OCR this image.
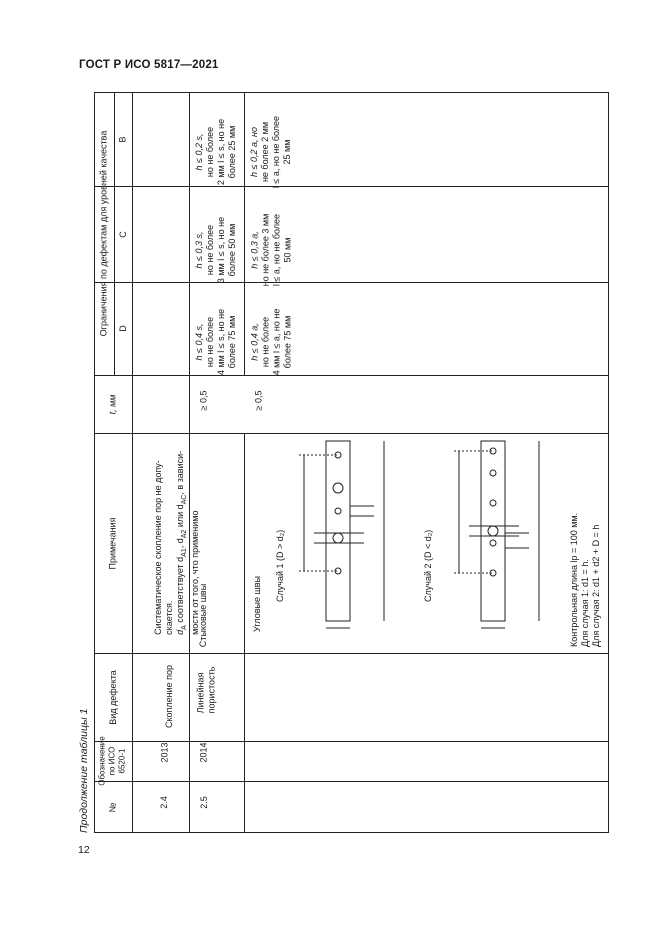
ГОСТ Р ИСО 5817—2021
12
Продолжение таблицы 1 №
Обозначение
по ИСО
6520-1
Вид дефекта
Примечания
t, мм
Ограничения по дефектам для уровней качества D
C
B
2.4
2013
Скопление пор
Систематическое скопление пор не допу-
скается.
$d_A$ соответствует $d_{A1}$, $d_{A2}$ или $d_{AC}$, в зависи-
мости от того, что применимо
2.5
2014
Линейная
пористость
Стыковые швы
≥ 0,5
h ≤ 0,4 s,
но не более
4 мм l ≤ s, но не
более 75 мм
h ≤ 0,3 s,
но не более
3 мм l ≤ s, но не
более 50 мм
h ≤ 0,2 s,
но не более
2 мм l ≤ s, но не
более 25 мм
≥ 0,5
h ≤ 0,4 a,
но не более
4 мм l ≤ a, но не
более 75 мм
h ≤ 0,3 a,
но не более 3 мм
l ≤ a, но не более
50 мм
h ≤ 0,2 a, но
не более 2 мм
l ≤ a, но не более
25 мм
Угловые швы
Случай 1 (D > d₂)	Случай 2 (D < d₂)	Контрольная длина lp = 100 мм.
Для случая 1: d1 = h.
Для случая 2: d1 + d2 + D = h
